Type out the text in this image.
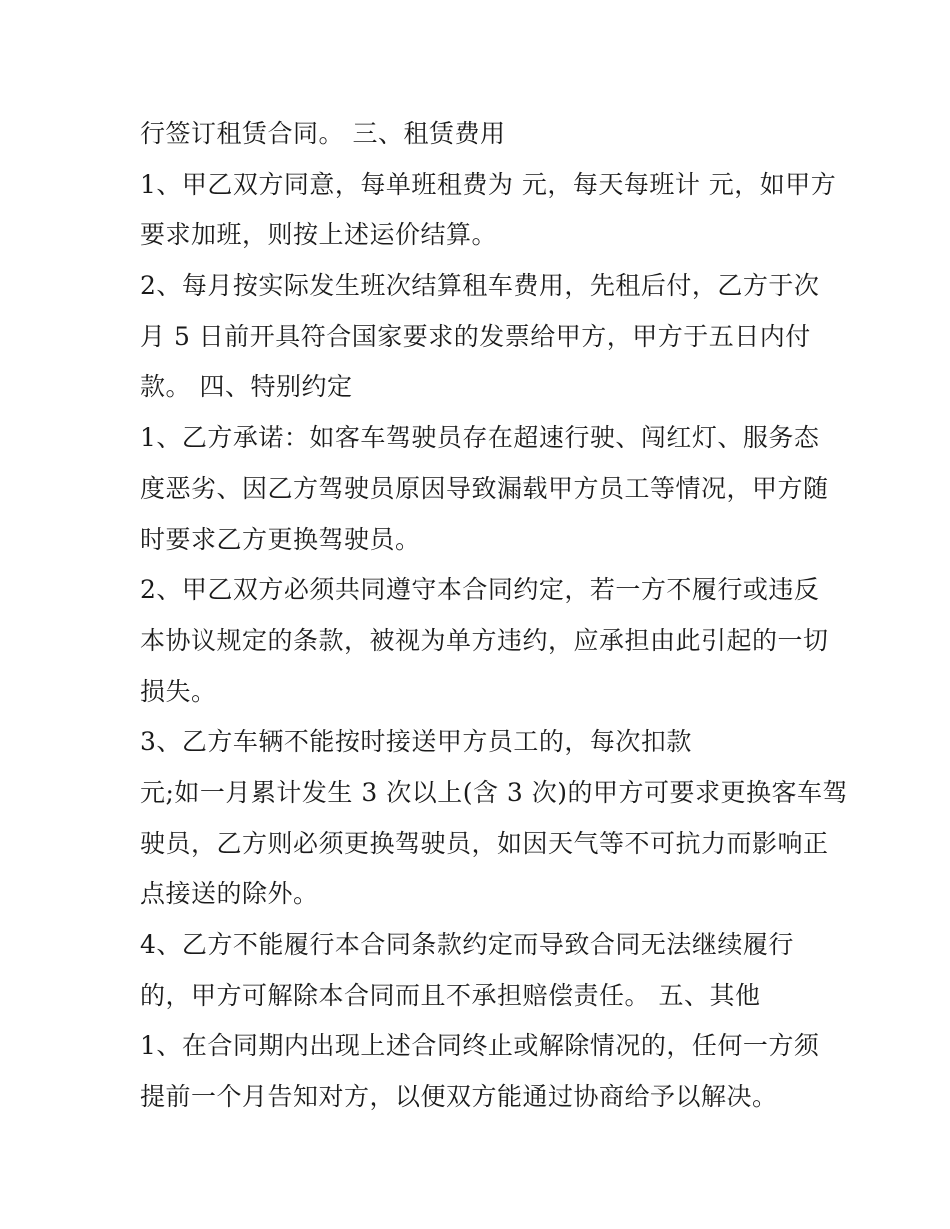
行签订租赁合同。 三、租赁费用
1、甲乙双方同意，每单班租费为 元，每天每班计 元，如甲方
要求加班，则按上述运价结算。
2、每月按实际发生班次结算租车费用，先租后付，乙方于次
月 5 日前开具符合国家要求的发票给甲方，甲方于五日内付
款。 四、特别约定
1、乙方承诺：如客车驾驶员存在超速行驶、闯红灯、服务态
度恶劣、因乙方驾驶员原因导致漏载甲方员工等情况，甲方随
时要求乙方更换驾驶员。
2、甲乙双方必须共同遵守本合同约定，若一方不履行或违反
本协议规定的条款，被视为单方违约，应承担由此引起的一切
损失。
3、乙方车辆不能按时接送甲方员工的，每次扣款
元;如一月累计发生 3 次以上(含 3 次)的甲方可要求更换客车驾
驶员，乙方则必须更换驾驶员，如因天气等不可抗力而影响正
点接送的除外。
4、乙方不能履行本合同条款约定而导致合同无法继续履行
的，甲方可解除本合同而且不承担赔偿责任。 五、其他
1、在合同期内出现上述合同终止或解除情况的，任何一方须
提前一个月告知对方，以便双方能通过协商给予以解决。
